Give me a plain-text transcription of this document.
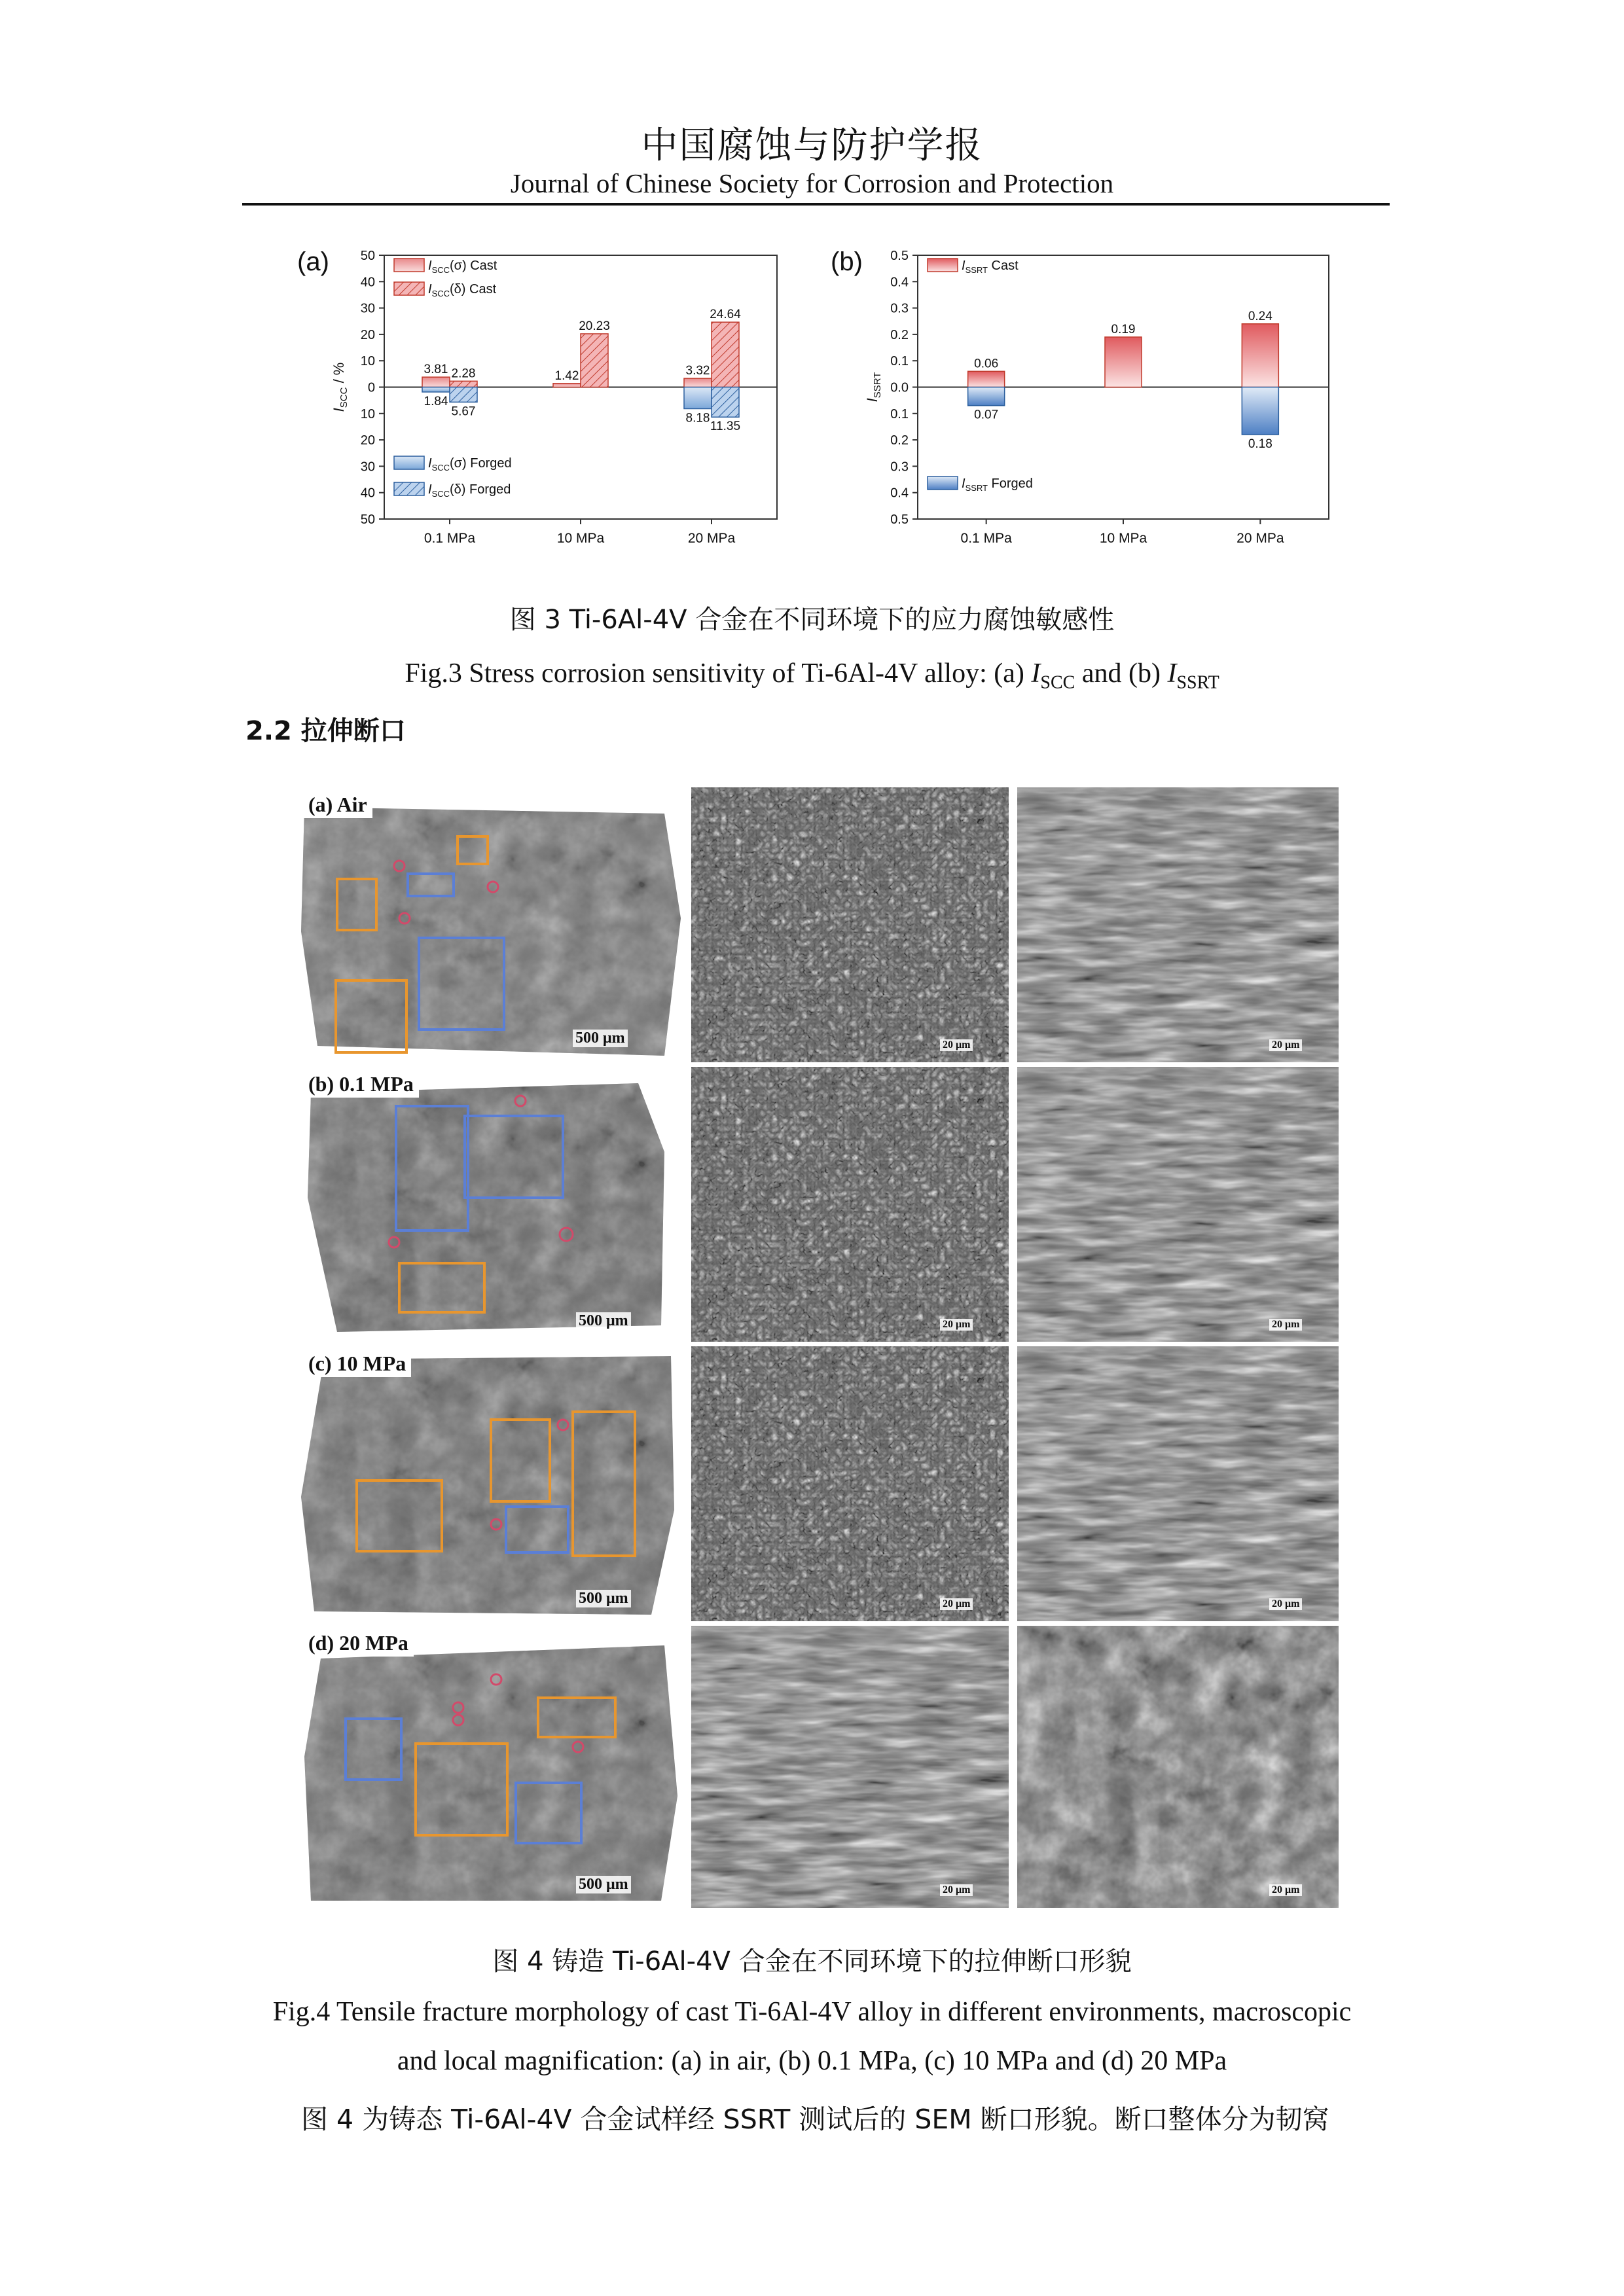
中国腐蚀与防护学报
Journal of Chinese Society for Corrosion and Protection
(a) 50
40
30
20
10
0
10
20
30
40
50
0.1 MPa	10 MPa	20 MPa
$I_{SCC}$ / %	3.81	1.42	3.32
2.28
20.23
24.64
1.84
8.18
5.67
11.35
$I_{SCC}(\sigma)$ Cast
$I_{SCC}(\delta)$ Cast
$I_{SCC}(\sigma)$ Forged
$I_{SCC}(\delta)$ Forged
(b) 0.5
0.4
0.3
0.2
0.1
0.0
0.1
0.2
0.3
0.4
0.5
0.1 MPa	10 MPa	20 MPa
$I_{SSRT}$
0.06
0.19
0.24
0.07
0.18
$I_{SSRT}$ Cast
$I_{SSRT}$ Forged
图 3 Ti-6Al-4V 合金在不同环境下的应力腐蚀敏感性
Fig.3 Stress corrosion sensitivity of Ti-6Al-4V alloy: (a) $I_{SCC}$ and (b) $I_{SSRT}$
2.2 拉伸断口
(a) Air
500 μm	20 μm	20 μm
(b) 0.1 MPa
500 μm	20 μm	20 μm
(c) 10 MPa
500 μm	20 μm	20 μm
(d) 20 MPa
500 μm	20 μm	20 μm
图 4 铸造 Ti-6Al-4V 合金在不同环境下的拉伸断口形貌
Fig.4 Tensile fracture morphology of cast Ti-6Al-4V alloy in different environments, macroscopic
and local magnification: (a) in air, (b) 0.1 MPa, (c) 10 MPa and (d) 20 MPa
图 4 为铸态 Ti-6Al-4V 合金试样经 SSRT 测试后的 SEM 断口形貌。断口整体分为韧窝
